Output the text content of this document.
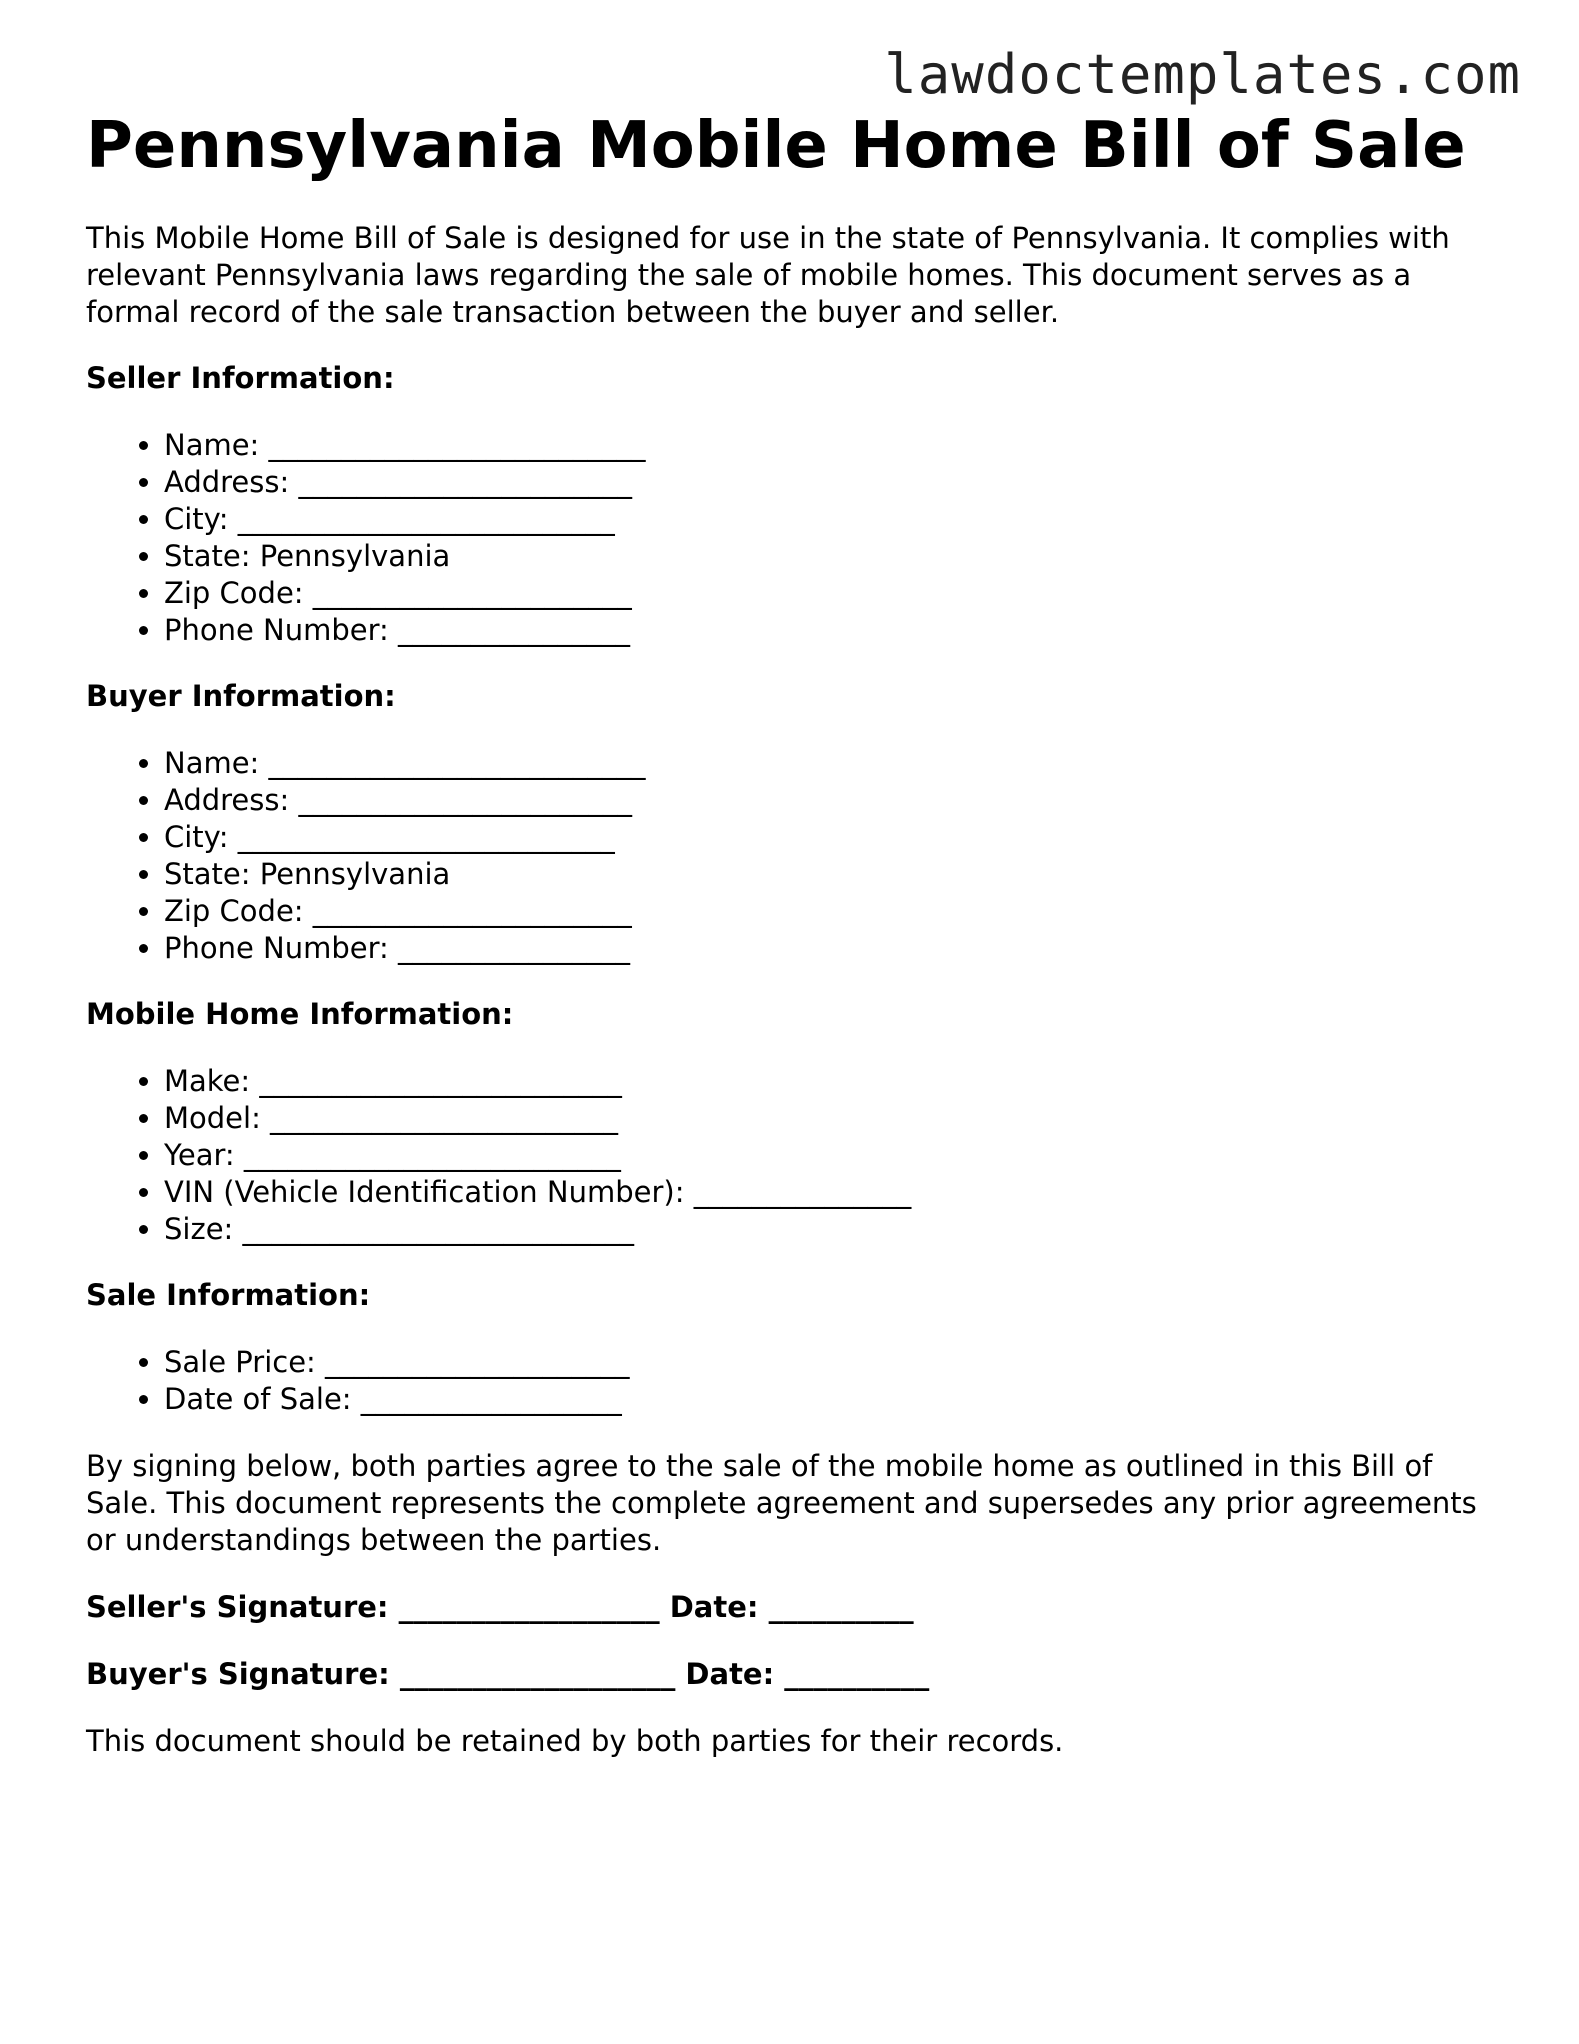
lawdoctemplates.com
Pennsylvania Mobile Home Bill of Sale

This Mobile Home Bill of Sale is designed for use in the state of Pennsylvania. It complies with relevant Pennsylvania laws regarding the sale of mobile homes. This document serves as a formal record of the sale transaction between the buyer and seller.

Seller Information:
• Name: __________________________
• Address: _______________________
• City: __________________________
• State: Pennsylvania
• Zip Code: ______________________
• Phone Number: ________________
Buyer Information:
• Name: __________________________
• Address: _______________________
• City: __________________________
• State: Pennsylvania
• Zip Code: ______________________
• Phone Number: ________________
Mobile Home Information:
• Make: _________________________
• Model: ________________________
• Year: __________________________
• VIN (Vehicle Identification Number): _______________
• Size: ___________________________
Sale Information:
• Sale Price: _____________________
• Date of Sale: __________________

By signing below, both parties agree to the sale of the mobile home as outlined in this Bill of Sale. This document represents the complete agreement and supersedes any prior agreements or understandings between the parties.

Seller's Signature: __________________ Date: __________
Buyer's Signature: ___________________ Date: __________

This document should be retained by both parties for their records.
